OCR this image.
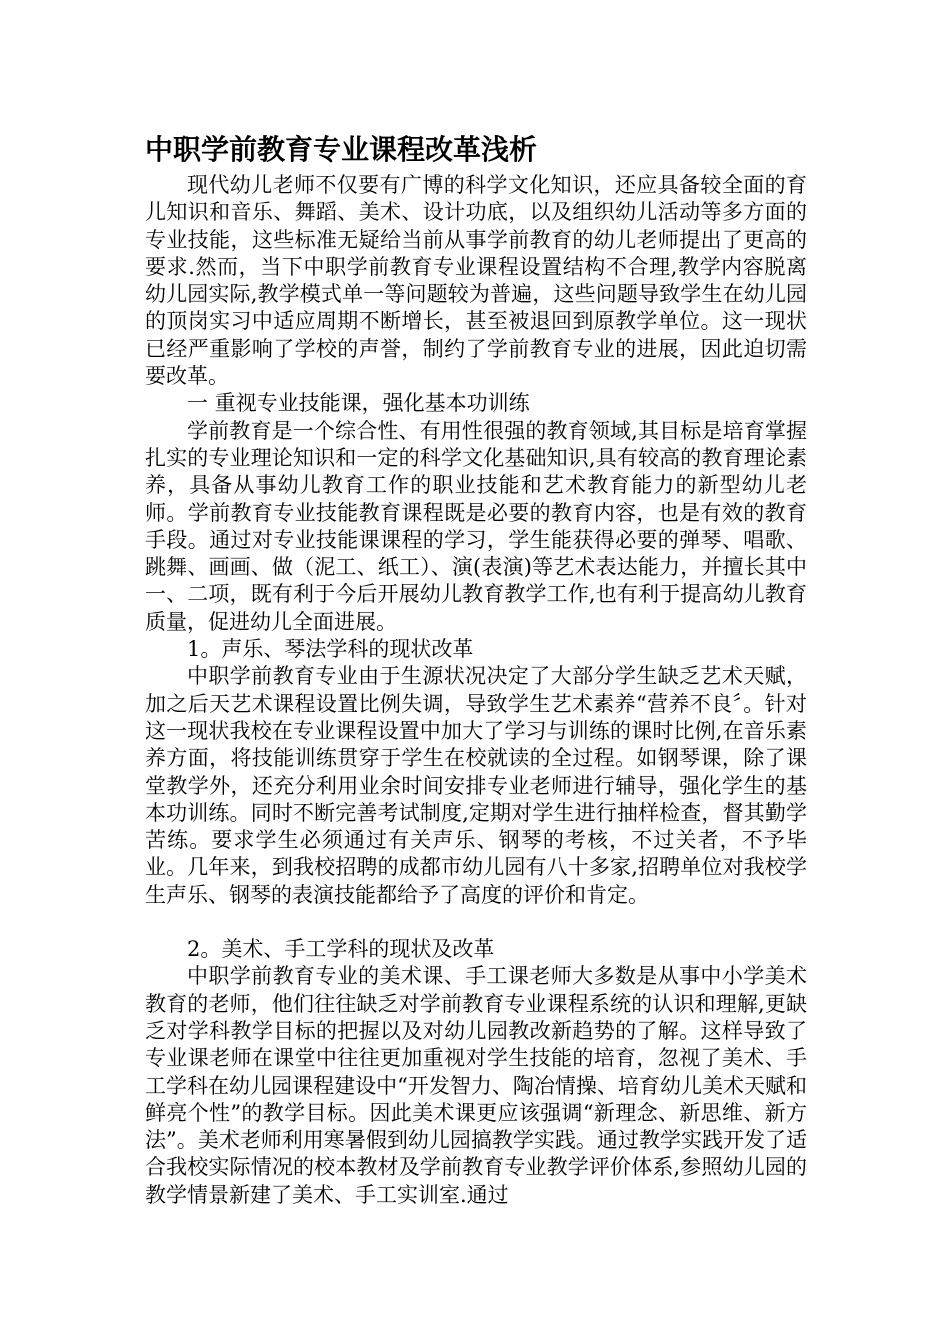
中职学前教育专业课程改革浅析

现代幼儿老师不仅要有广博的科学文化知识，还应具备较全面的育儿知识和音乐、舞蹈、美术、设计功底，以及组织幼儿活动等多方面的专业技能，这些标准无疑给当前从事学前教育的幼儿老师提出了更高的要求.然而，当下中职学前教育专业课程设置结构不合理,教学内容脱离幼儿园实际,教学模式单一等问题较为普遍，这些问题导致学生在幼儿园的顶岗实习中适应周期不断增长，甚至被退回到原教学单位。这一现状已经严重影响了学校的声誉，制约了学前教育专业的进展，因此迫切需要改革。

一 重视专业技能课，强化基本功训练

学前教育是一个综合性、有用性很强的教育领域,其目标是培育掌握扎实的专业理论知识和一定的科学文化基础知识,具有较高的教育理论素养，具备从事幼儿教育工作的职业技能和艺术教育能力的新型幼儿老师。学前教育专业技能教育课程既是必要的教育内容，也是有效的教育手段。通过对专业技能课课程的学习，学生能获得必要的弹琴、唱歌、跳舞、画画、做（泥工、纸工）、演(表演)等艺术表达能力，并擅长其中一、二项，既有利于今后开展幼儿教育教学工作,也有利于提高幼儿教育质量，促进幼儿全面进展。

1。声乐、琴法学科的现状改革

中职学前教育专业由于生源状况决定了大部分学生缺乏艺术天赋，加之后天艺术课程设置比例失调，导致学生艺术素养“营养不良〞。针对这一现状我校在专业课程设置中加大了学习与训练的课时比例,在音乐素养方面，将技能训练贯穿于学生在校就读的全过程。如钢琴课，除了课堂教学外，还充分利用业余时间安排专业老师进行辅导，强化学生的基本功训练。同时不断完善考试制度,定期对学生进行抽样检查，督其勤学苦练。要求学生必须通过有关声乐、钢琴的考核，不过关者，不予毕业。几年来，到我校招聘的成都市幼儿园有八十多家,招聘单位对我校学生声乐、钢琴的表演技能都给予了高度的评价和肯定。

2。美术、手工学科的现状及改革

中职学前教育专业的美术课、手工课老师大多数是从事中小学美术教育的老师，他们往往缺乏对学前教育专业课程系统的认识和理解,更缺乏对学科教学目标的把握以及对幼儿园教改新趋势的了解。这样导致了专业课老师在课堂中往往更加重视对学生技能的培育，忽视了美术、手工学科在幼儿园课程建设中“开发智力、陶冶情操、培育幼儿美术天赋和鲜亮个性”的教学目标。因此美术课更应该强调“新理念、新思维、新方法”。美术老师利用寒暑假到幼儿园搞教学实践。通过教学实践开发了适合我校实际情况的校本教材及学前教育专业教学评价体系,参照幼儿园的教学情景新建了美术、手工实训室.通过
